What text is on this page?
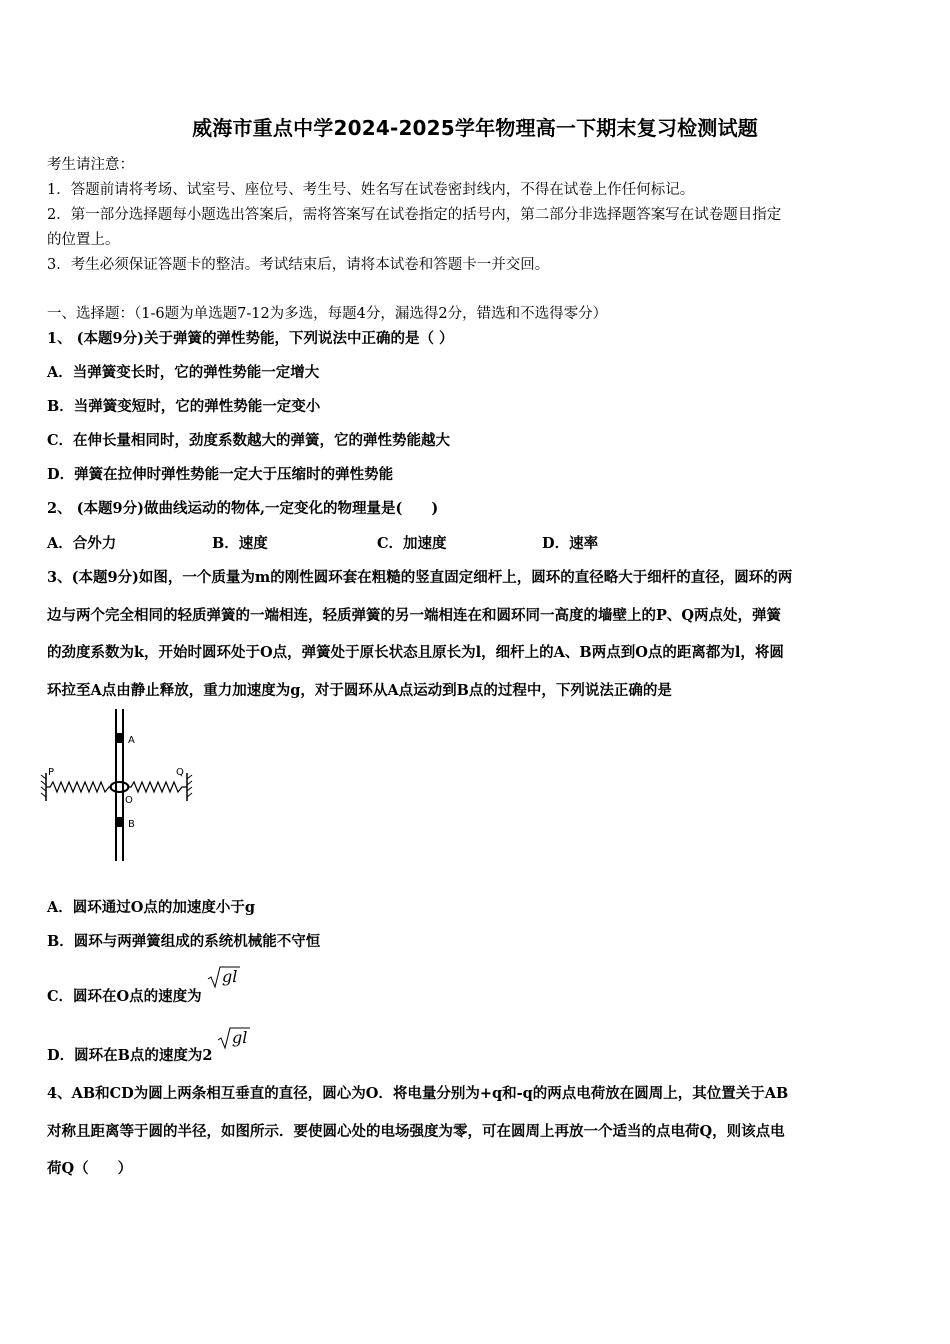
威海市重点中学2024-2025学年物理高一下期末复习检测试题
考生请注意：
1．答题前请将考场、试室号、座位号、考生号、姓名写在试卷密封线内，不得在试卷上作任何标记。
2．第一部分选择题每小题选出答案后，需将答案写在试卷指定的括号内，第二部分非选择题答案写在试卷题目指定
的位置上。
3．考生必须保证答题卡的整洁。考试结束后，请将本试卷和答题卡一并交回。
一、选择题：（1-6题为单选题7-12为多选，每题4分，漏选得2分，错选和不选得零分）
1、 (本题9分)关于弹簧的弹性势能，下列说法中正确的是（ ）
A．当弹簧变长时，它的弹性势能一定增大
B．当弹簧变短时，它的弹性势能一定变小
C．在伸长量相同时，劲度系数越大的弹簧，它的弹性势能越大
D．弹簧在拉伸时弹性势能一定大于压缩时的弹性势能
2、 (本题9分)做曲线运动的物体,一定变化的物理量是(　　)
A．合外力	B．速度	C．加速度	D．速率
3、(本题9分)如图，一个质量为m的刚性圆环套在粗糙的竖直固定细杆上，圆环的直径略大于细杆的直径，圆环的两
边与两个完全相同的轻质弹簧的一端相连，轻质弹簧的另一端相连在和圆环同一高度的墙壁上的P、Q两点处，弹簧
的劲度系数为k，开始时圆环处于O点，弹簧处于原长状态且原长为l，细杆上的A、B两点到O点的距离都为l，将圆
环拉至A点由静止释放，重力加速度为g，对于圆环从A点运动到B点的过程中，下列说法正确的是
A
B
O
P	Q
A．圆环通过O点的加速度小于g
B．圆环与两弹簧组成的系统机械能不守恒
C．圆环在O点的速度为
gl
D．圆环在B点的速度为2
gl
4、AB和CD为圆上两条相互垂直的直径，圆心为O．将电量分别为+q和-q的两点电荷放在圆周上，其位置关于AB
对称且距离等于圆的半径，如图所示．要使圆心处的电场强度为零，可在圆周上再放一个适当的点电荷Q，则该点电
荷Q（　　）
